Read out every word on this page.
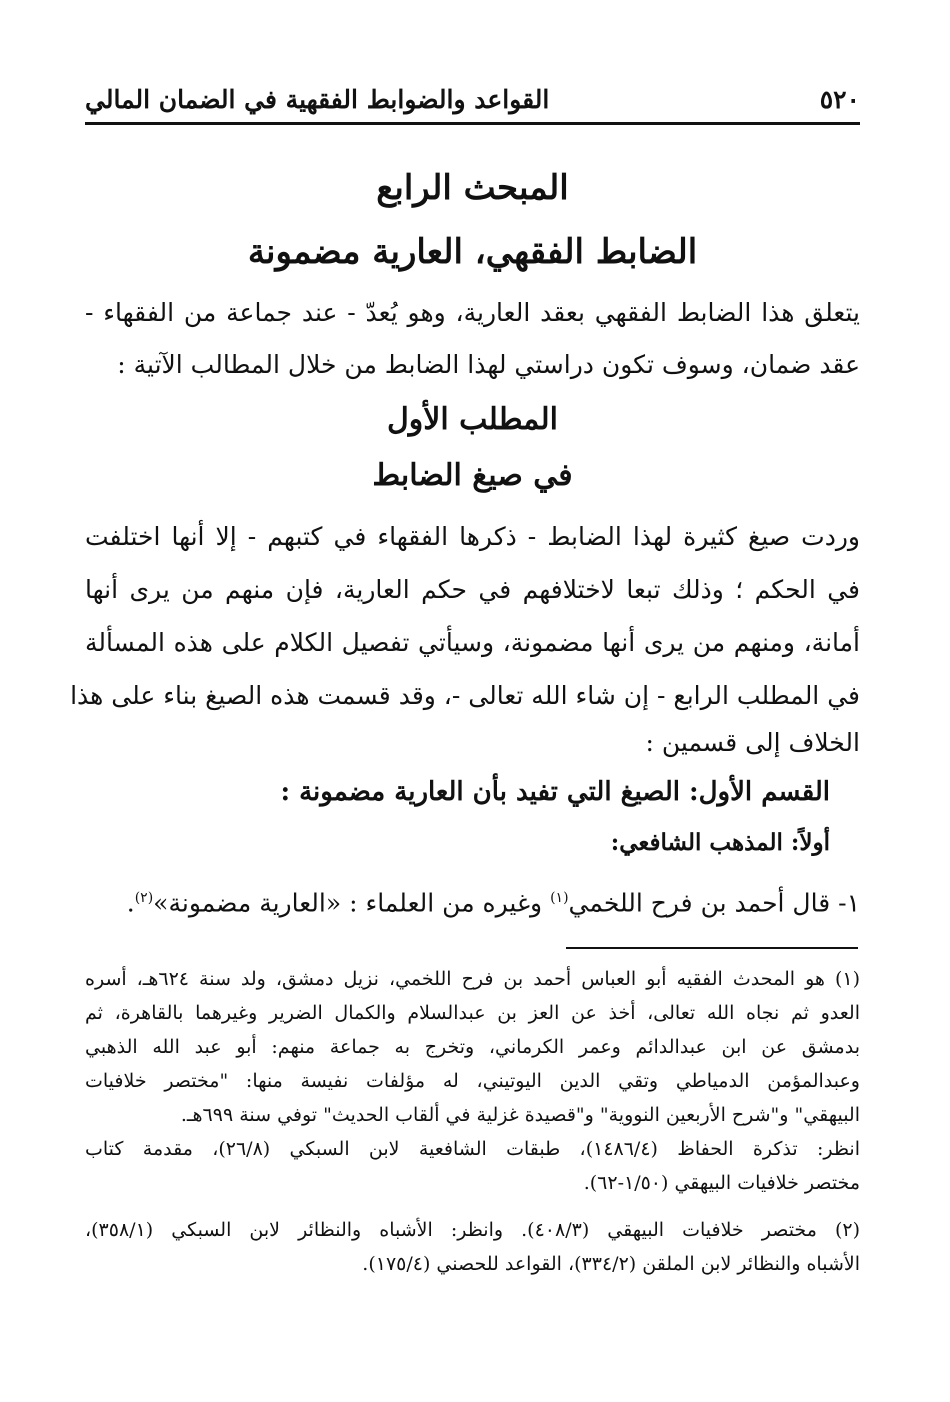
٥٢٠
القواعد والضوابط الفقهية في الضمان المالي
المبحث الرابع
الضابط الفقهي، العارية مضمونة
يتعلق هذا الضابط الفقهي بعقد العارية، وهو يُعدّ - عند جماعة من الفقهاء -
عقد ضمان، وسوف تكون دراستي لهذا الضابط من خلال المطالب الآتية :
المطلب الأول
في صيغ الضابط
وردت صيغ كثيرة لهذا الضابط - ذكرها الفقهاء في كتبهم - إلا أنها اختلفت
في الحكم ؛ وذلك تبعا لاختلافهم في حكم العارية، فإن منهم من يرى أنها
أمانة، ومنهم من يرى أنها مضمونة، وسيأتي تفصيل الكلام على هذه المسألة
في المطلب الرابع - إن شاء الله تعالى -، وقد قسمت هذه الصيغ بناء على هذا
الخلاف إلى قسمين :
القسم الأول: الصيغ التي تفيد بأن العارية مضمونة :
أولاً: المذهب الشافعي:
١- قال أحمد بن فرح اللخمي$^{(١)}$ وغيره من العلماء : «العارية مضمونة»$^{(٢)}$.
(١) هو المحدث الفقيه أبو العباس أحمد بن فرح اللخمي، نزيل دمشق، ولد سنة ٦٢٤هـ، أسره
العدو ثم نجاه الله تعالى، أخذ عن العز بن عبدالسلام والكمال الضرير وغيرهما بالقاهرة، ثم
بدمشق عن ابن عبدالدائم وعمر الكرماني، وتخرج به جماعة منهم: أبو عبد الله الذهبي
وعبدالمؤمن الدمياطي وتقي الدين اليوتيني، له مؤلفات نفيسة منها: "مختصر خلافيات
البيهقي" و"شرح الأربعين النووية" و"قصيدة غزلية في ألقاب الحديث" توفي سنة ٦٩٩هـ.
انظر: تذكرة الحفاظ (١٤٨٦/٤)، طبقات الشافعية لابن السبكي (٢٦/٨)، مقدمة كتاب
مختصر خلافيات البيهقي (١/٥٠-٦٢).
(٢) مختصر خلافيات البيهقي (٤٠٨/٣). وانظر: الأشباه والنظائر لابن السبكي (٣٥٨/١)،
الأشباه والنظائر لابن الملقن (٣٣٤/٢)، القواعد للحصني (١٧٥/٤).
